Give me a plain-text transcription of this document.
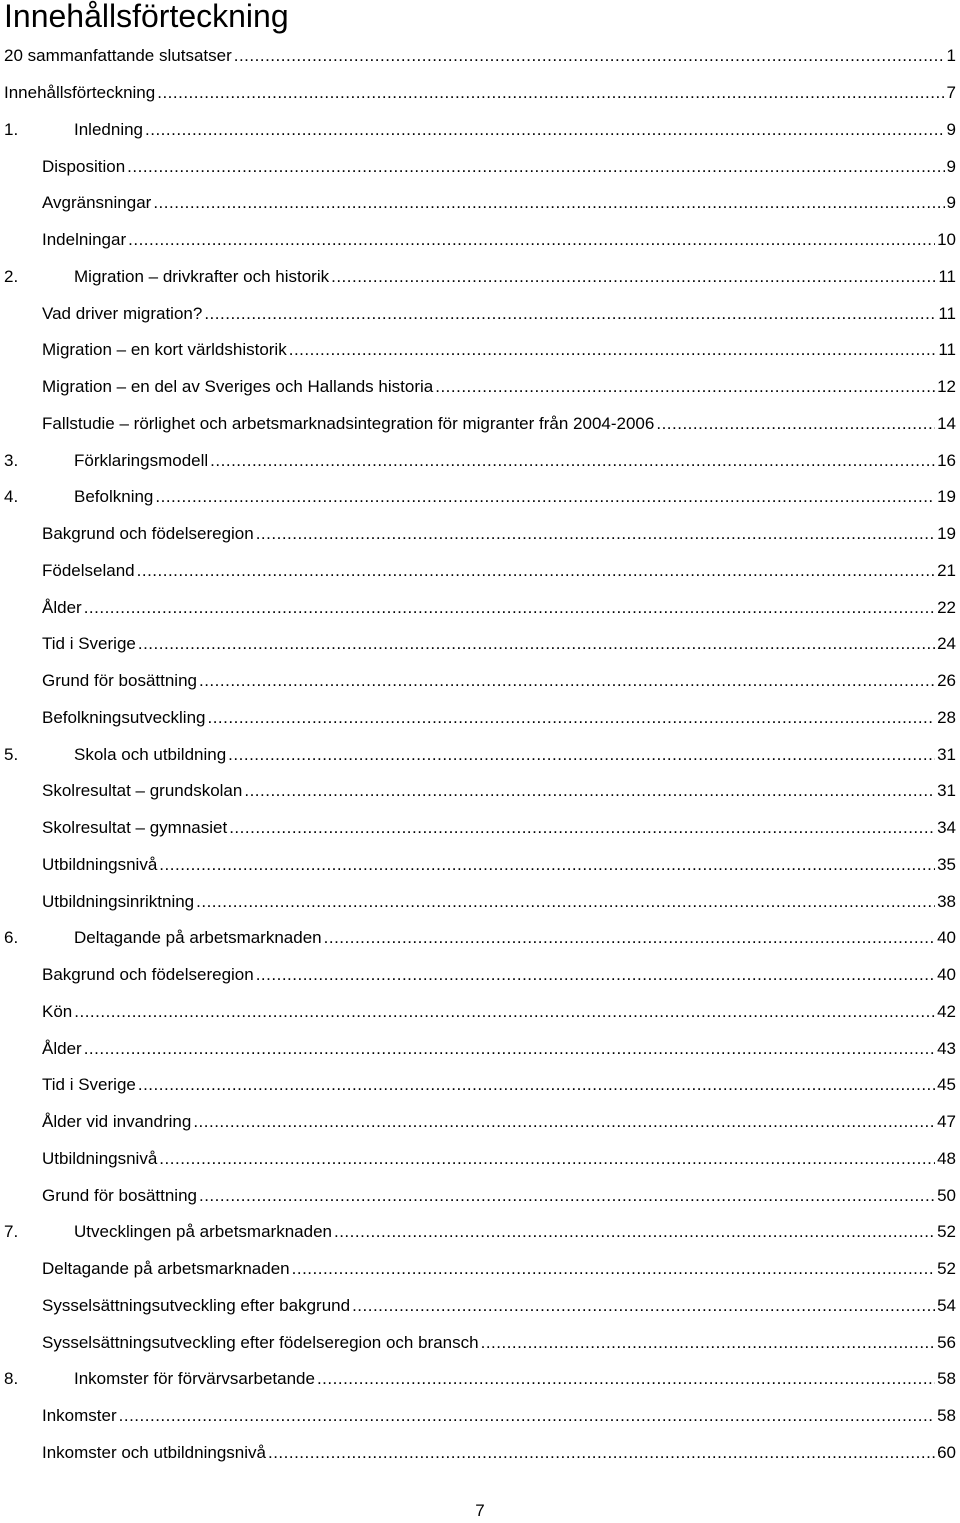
Innehållsförteckning
20 sammanfattande slutsatser .....	1
Innehållsförteckning .....	7
1.	Inledning .....	9
Disposition .....	9
Avgränsningar .....	9
Indelningar .....	10
2.	Migration – drivkrafter och historik .....	11
Vad driver migration? .....	11
Migration – en kort världshistorik .....	11
Migration – en del av Sveriges och Hallands historia .....	12
Fallstudie – rörlighet och arbetsmarknadsintegration för migranter från 2004-2006 .....	14
3.	Förklaringsmodell .....	16
4.	Befolkning .....	19
Bakgrund och födelseregion .....	19
Födelseland .....	21
Ålder .....	22
Tid i Sverige .....	24
Grund för bosättning .....	26
Befolkningsutveckling .....	28
5.	Skola och utbildning .....	31
Skolresultat – grundskolan .....	31
Skolresultat – gymnasiet .....	34
Utbildningsnivå .....	35
Utbildningsinriktning .....	38
6.	Deltagande på arbetsmarknaden .....	40
Bakgrund och födelseregion .....	40
Kön .....	42
Ålder .....	43
Tid i Sverige .....	45
Ålder vid invandring .....	47
Utbildningsnivå .....	48
Grund för bosättning .....	50
7.	Utvecklingen på arbetsmarknaden .....	52
Deltagande på arbetsmarknaden .....	52
Sysselsättningsutveckling efter bakgrund .....	54
Sysselsättningsutveckling efter födelseregion och bransch .....	56
8.	Inkomster för förvärvsarbetande .....	58
Inkomster .....	58
Inkomster och utbildningsnivå .....	60
7
